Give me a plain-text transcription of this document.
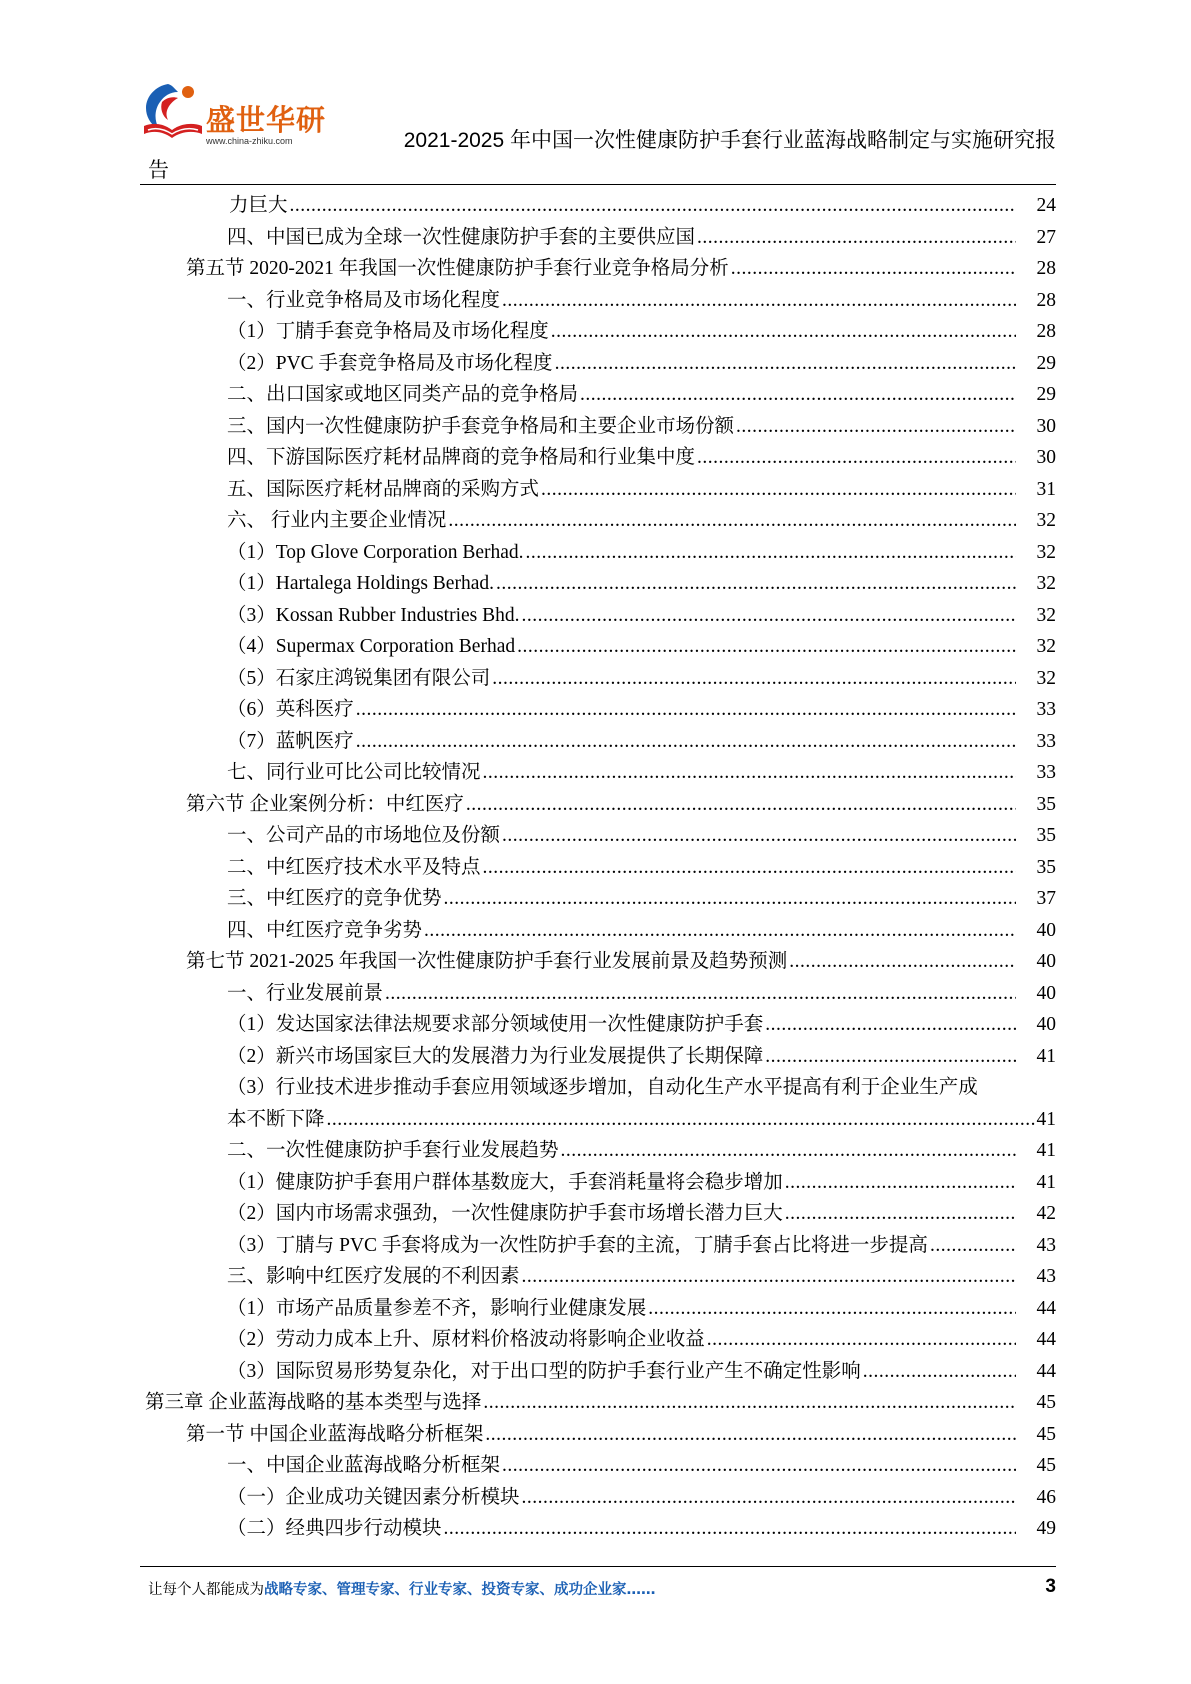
盛世华研
www.china-zhiku.com	2021-2025 年中国一次性健康防护手套行业蓝海战略制定与实施研究报
告
力巨大 .....	24
四、中国已成为全球一次性健康防护手套的主要供应国 .....	27
第五节 2020-2021 年我国一次性健康防护手套行业竞争格局分析 .....	28
一、行业竞争格局及市场化程度 .....	28
（1）丁腈手套竞争格局及市场化程度 .....	28
（2）PVC 手套竞争格局及市场化程度 .....	29
二、出口国家或地区同类产品的竞争格局 .....	29
三、国内一次性健康防护手套竞争格局和主要企业市场份额 .....	30
四、下游国际医疗耗材品牌商的竞争格局和行业集中度 .....	30
五、国际医疗耗材品牌商的采购方式 .....	31
六、 行业内主要企业情况 .....	32
（1）Top Glove Corporation Berhad. .....	32
（1）Hartalega Holdings Berhad. .....	32
（3）Kossan Rubber Industries Bhd. .....	32
（4）Supermax Corporation Berhad .....	32
（5）石家庄鸿锐集团有限公司 .....	32
（6）英科医疗 .....	33
（7）蓝帆医疗 .....	33
七、同行业可比公司比较情况 .....	33
第六节 企业案例分析：中红医疗 .....	35
一、公司产品的市场地位及份额 .....	35
二、中红医疗技术水平及特点 .....	35
三、中红医疗的竞争优势 .....	37
四、中红医疗竞争劣势 .....	40
第七节 2021-2025 年我国一次性健康防护手套行业发展前景及趋势预测 .....	40
一、行业发展前景 .....	40
（1）发达国家法律法规要求部分领域使用一次性健康防护手套 .....	40
（2）新兴市场国家巨大的发展潜力为行业发展提供了长期保障 .....	41
（3）行业技术进步推动手套应用领域逐步增加，自动化生产水平提高有利于企业生产成
本不断下降 .....	41
二、一次性健康防护手套行业发展趋势 .....	41
（1）健康防护手套用户群体基数庞大，手套消耗量将会稳步增加 .....	41
（2）国内市场需求强劲，一次性健康防护手套市场增长潜力巨大 .....	42
（3）丁腈与 PVC 手套将成为一次性防护手套的主流，丁腈手套占比将进一步提高 .....	43
三、影响中红医疗发展的不利因素 .....	43
（1）市场产品质量参差不齐，影响行业健康发展 .....	44
（2）劳动力成本上升、原材料价格波动将影响企业收益 .....	44
（3）国际贸易形势复杂化，对于出口型的防护手套行业产生不确定性影响 .....	44
第三章 企业蓝海战略的基本类型与选择 .....	45
第一节 中国企业蓝海战略分析框架 .....	45
一、中国企业蓝海战略分析框架 .....	45
（一）企业成功关键因素分析模块 .....	46
（二）经典四步行动模块 .....	49
让每个人都能成为战略专家、管理专家、行业专家、投资专家、成功企业家……	3
